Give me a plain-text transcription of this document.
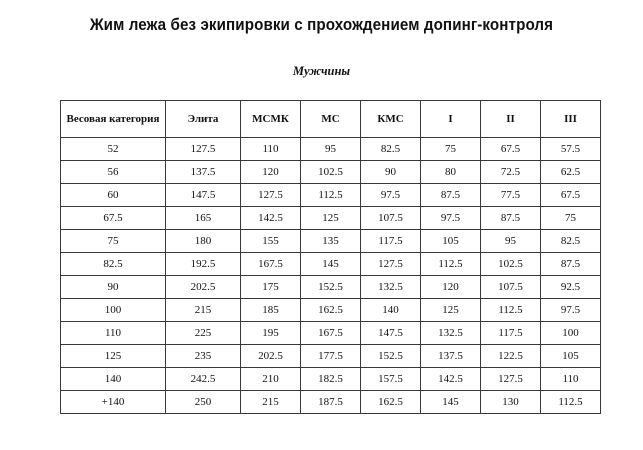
Жим лежа без экипировки с прохождением допинг-контроля
Мужчины
Весовая категория	Элита	МСМК	МС	КМС	I	II	III
52	127.5	110	95	82.5	75	67.5	57.5
56	137.5	120	102.5	90	80	72.5	62.5
60	147.5	127.5	112.5	97.5	87.5	77.5	67.5
67.5	165	142.5	125	107.5	97.5	87.5	75
75	180	155	135	117.5	105	95	82.5
82.5	192.5	167.5	145	127.5	112.5	102.5	87.5
90	202.5	175	152.5	132.5	120	107.5	92.5
100	215	185	162.5	140	125	112.5	97.5
110	225	195	167.5	147.5	132.5	117.5	100
125	235	202.5	177.5	152.5	137.5	122.5	105
140	242.5	210	182.5	157.5	142.5	127.5	110
+140	250	215	187.5	162.5	145	130	112.5
